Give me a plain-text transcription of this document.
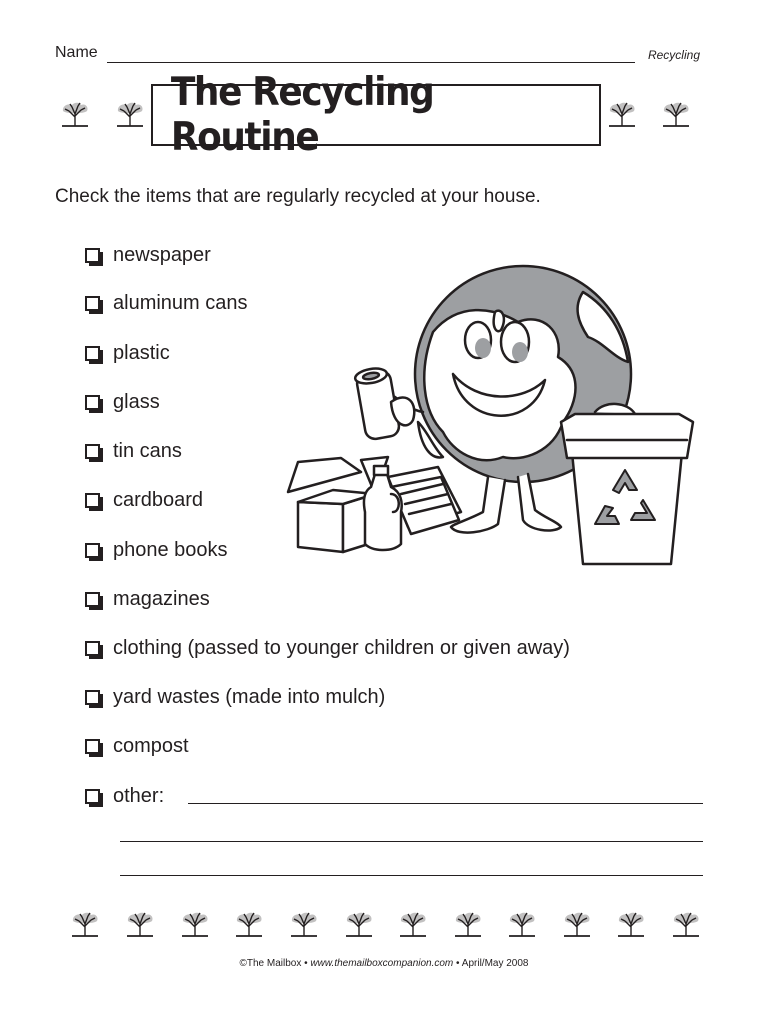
Name	Recycling
The Recycling Routine
Check the items that are regularly recycled at your house.
newspaper
aluminum cans
plastic
glass
tin cans
cardboard
phone books
magazines
clothing (passed to younger children or given away)
yard wastes (made into mulch)
compost
other:
©The Mailbox • www.themailboxcompanion.com • April/May 2008
